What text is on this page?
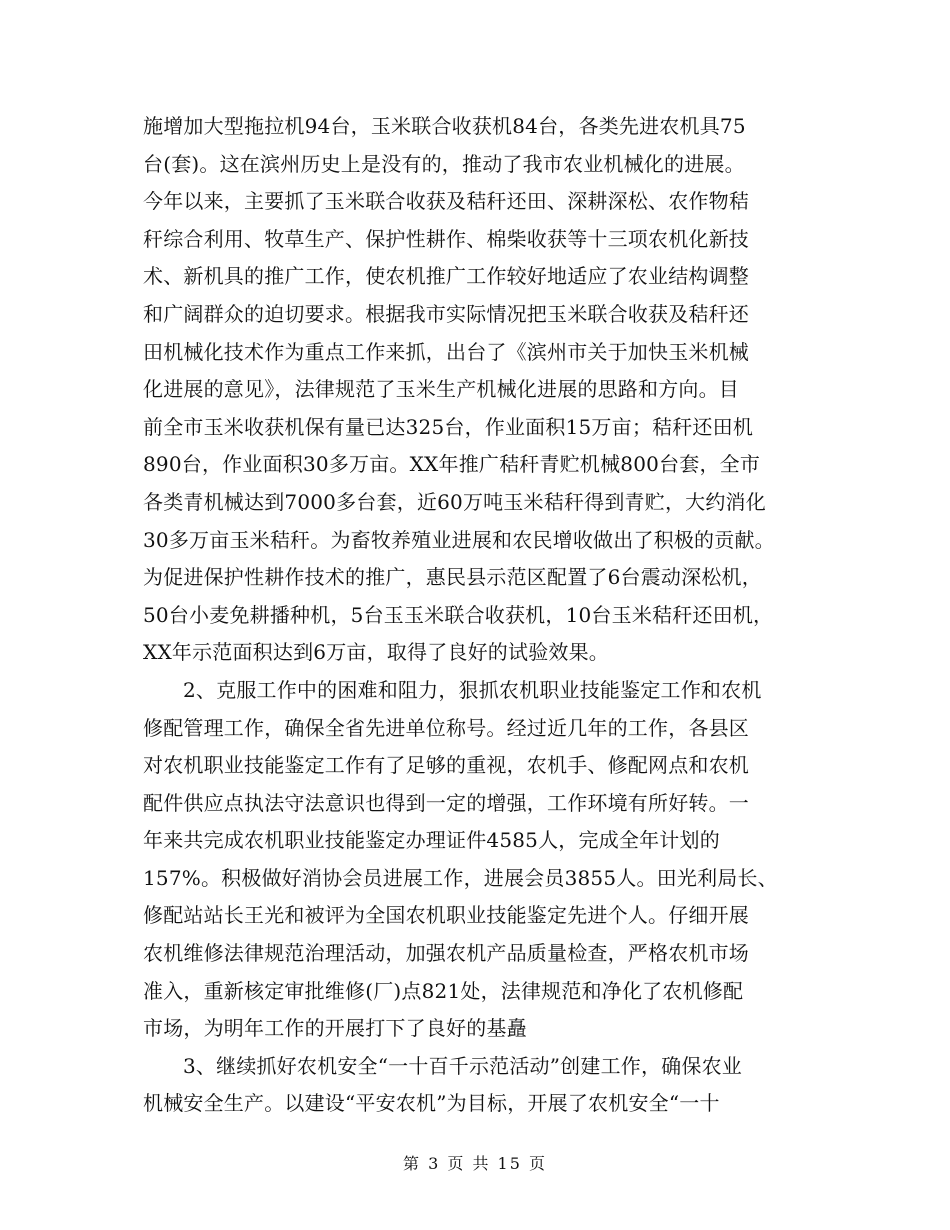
施增加大型拖拉机94台，玉米联合收获机84台，各类先进农机具75
台(套)。这在滨州历史上是没有的，推动了我市农业机械化的进展。
今年以来，主要抓了玉米联合收获及秸秆还田、深耕深松、农作物秸
秆综合利用、牧草生产、保护性耕作、棉柴收获等十三项农机化新技
术、新机具的推广工作，使农机推广工作较好地适应了农业结构调整
和广阔群众的迫切要求。根据我市实际情况把玉米联合收获及秸秆还
田机械化技术作为重点工作来抓，出台了《滨州市关于加快玉米机械
化进展的意见》，法律规范了玉米生产机械化进展的思路和方向。目
前全市玉米收获机保有量已达325台，作业面积15万亩；秸秆还田机
890台，作业面积30多万亩。XX年推广秸秆青贮机械800台套，全市
各类青机械达到7000多台套，近60万吨玉米秸秆得到青贮，大约消化
30多万亩玉米秸秆。为畜牧养殖业进展和农民增收做出了积极的贡献。
为促进保护性耕作技术的推广，惠民县示范区配置了6台震动深松机，
50台小麦免耕播种机，5台玉玉米联合收获机，10台玉米秸秆还田机，
XX年示范面积达到6万亩，取得了良好的试验效果。
2、克服工作中的困难和阻力，狠抓农机职业技能鉴定工作和农机
修配管理工作，确保全省先进单位称号。经过近几年的工作，各县区
对农机职业技能鉴定工作有了足够的重视，农机手、修配网点和农机
配件供应点执法守法意识也得到一定的增强，工作环境有所好转。一
年来共完成农机职业技能鉴定办理证件4585人，完成全年计划的
157%。积极做好消协会员进展工作，进展会员3855人。田光利局长、
修配站站长王光和被评为全国农机职业技能鉴定先进个人。仔细开展
农机维修法律规范治理活动，加强农机产品质量检查，严格农机市场
准入，重新核定审批维修(厂)点821处，法律规范和净化了农机修配
市场，为明年工作的开展打下了良好的基矗
3、继续抓好农机安全“一十百千示范活动”创建工作，确保农业
机械安全生产。以建设“平安农机”为目标，开展了农机安全“一十
第 3 页 共 15 页
